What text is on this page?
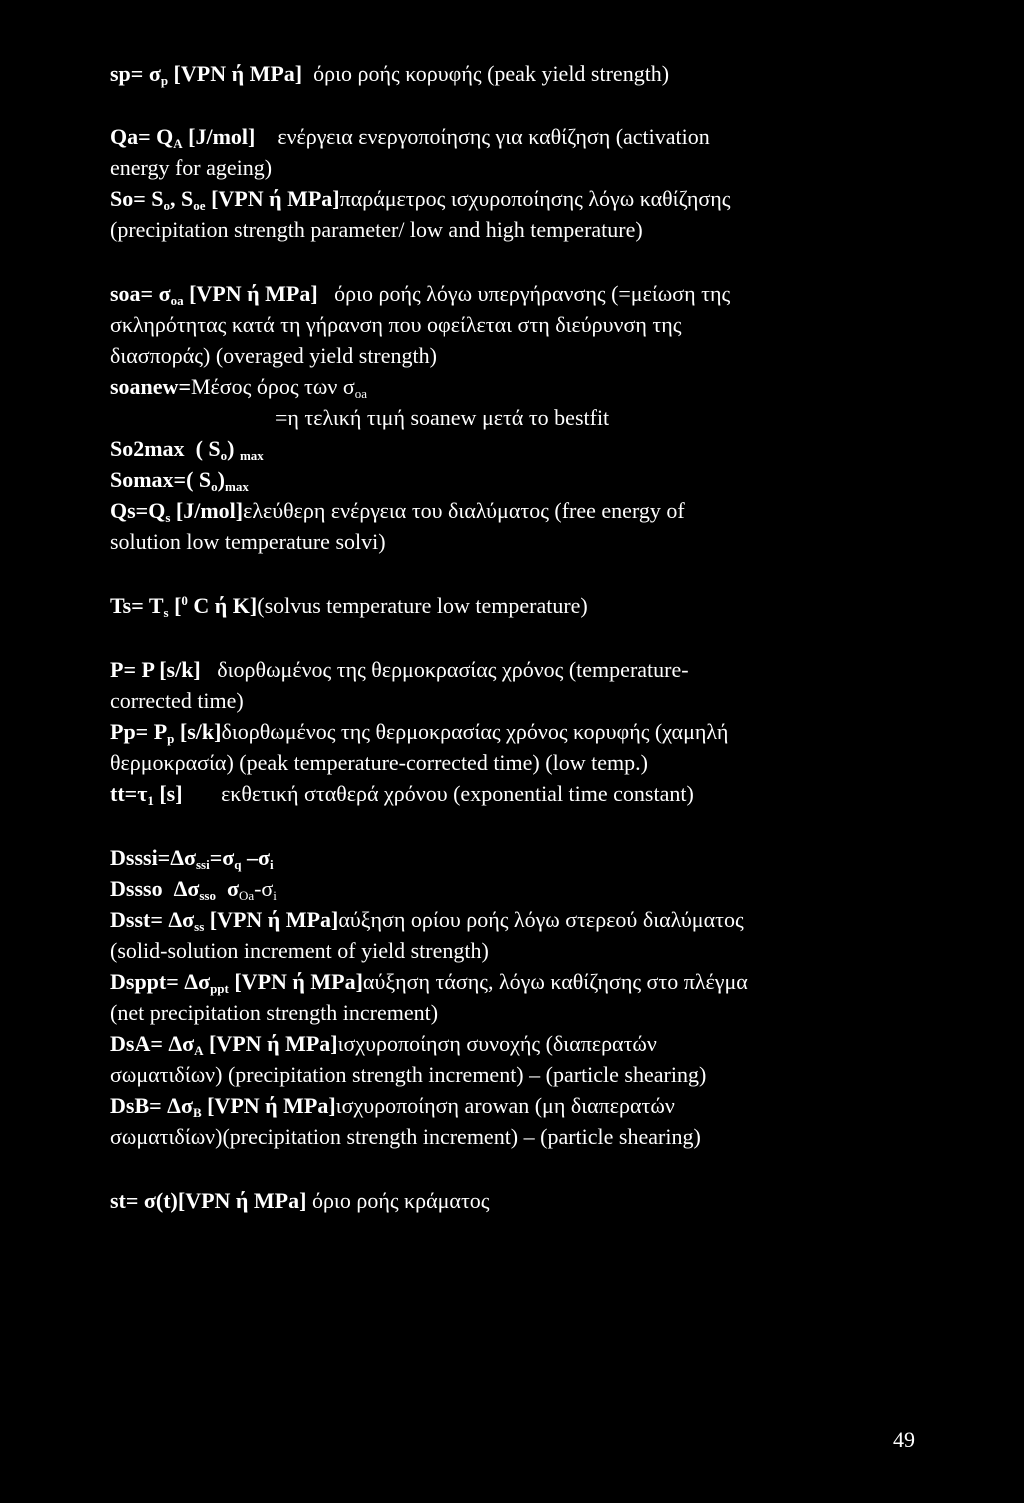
$sp= \sigma_p$ [VPN ή MPa] όριο ροής κορυφής (peak yield strength)

$Qa= Q_A$ [J/mol] ενέργεια ενεργοποίησης για καθίζηση (activation
energy for ageing)

$So= S_o$, $S_{oe}$ [VPN ή MPa]παράμετρος ισχυροποίησης λόγω καθίζησης
(precipitation strength parameter/ low and high temperature)

$soa= \sigma_{oa}$ [VPN ή MPa] όριο ροής λόγω υπεργήρανσης (=μείωση της
σκληρότητας κατά τη γήρανση που οφείλεται στη διεύρυνση της
διασποράς) (overaged yield strength)

soanew=Μέσος όρος των $\sigma_{oa}$
=η τελική τιμή soanew μετά το bestfit

So2max ( $S_o$) $_{max}$

Somax=( $S_o)_{max}$

$Qs=Q_s$ [J/mol]ελεύθερη ενέργεια του διαλύματος (free energy of
solution low temperature solvi)

$Ts= T_s$ [$^0$ C ή K](solvus temperature low temperature)

P= P [s/k] διορθωμένος της θερμοκρασίας χρόνος (temperature-
corrected time)

$Pp= P_p$ [s/k]διορθωμένος της θερμοκρασίας χρόνος κορυφής (χαμηλή
θερμοκρασία) (peak temperature-corrected time) (low temp.)

$tt=\tau_1$ [s] εκθετική σταθερά χρόνου (exponential time constant)

$Dsssi=\Delta\sigma_{ssi}=\sigma_q$ $-\sigma_i$

Dssso $\Delta\sigma_{sso}$ $\sigma_{Oa}-\sigma_i$

Dsst= $\Delta\sigma_{ss}$ [VPN ή MPa]αύξηση ορίου ροής λόγω στερεού διαλύματος
(solid-solution increment of yield strength)

Dsppt= $\Delta\sigma_{ppt}$ [VPN ή MPa]αύξηση τάσης, λόγω καθίζησης στο πλέγμα
(net precipitation strength increment)

$DsA= \Delta\sigma_A$ [VPN ή MPa]ισχυροποίηση συνοχής (διαπερατών
σωματιδίων) (precipitation strength increment) – (particle shearing)

$DsB= \Delta\sigma_B$ [VPN ή MPa]ισχυροποίηση arowan (μη διαπερατών
σωματιδίων)(precipitation strength increment) – (particle shearing)

st= σ(t)[VPN ή MPa] όριο ροής κράματος

49
